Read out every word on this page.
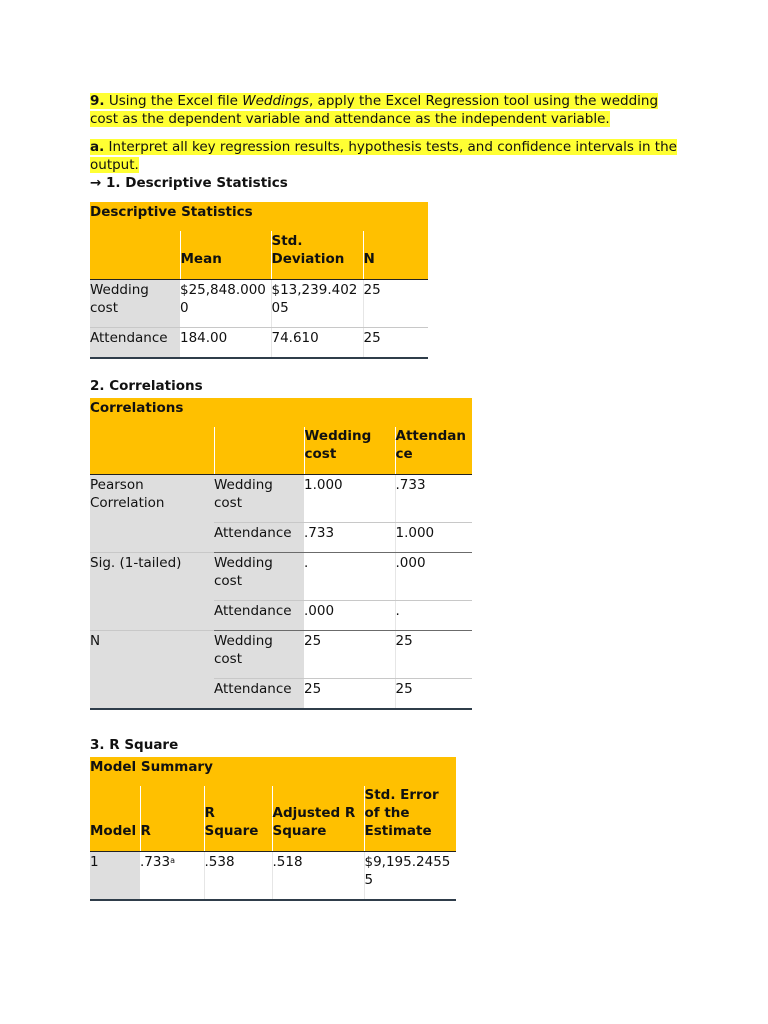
9. Using the Excel file Weddings, apply the Excel Regression tool using the wedding cost as the dependent variable and attendance as the independent variable.

a. Interpret all key regression results, hypothesis tests, and confidence intervals in the output.

→ 1. Descriptive Statistics

Descriptive Statistics			
	Mean	Std. Deviation	N
Wedding cost	$25,848.0000	$13,239.40205	25
Attendance	184.00	74.610	25

2. Correlations

Correlations			
		Wedding cost	Attendance
Pearson Correlation	Wedding cost	1.000	.733
	Attendance	.733	1.000
Sig. (1-tailed)	Wedding cost	.	.000
	Attendance	.000	.
N	Wedding cost	25	25
	Attendance	25	25

3. R Square

Model Summary				
Model	R	R Square	Adjusted R Square	Std. Error of the Estimate
1	.733$^a$	.538	.518	$9,195.24555
